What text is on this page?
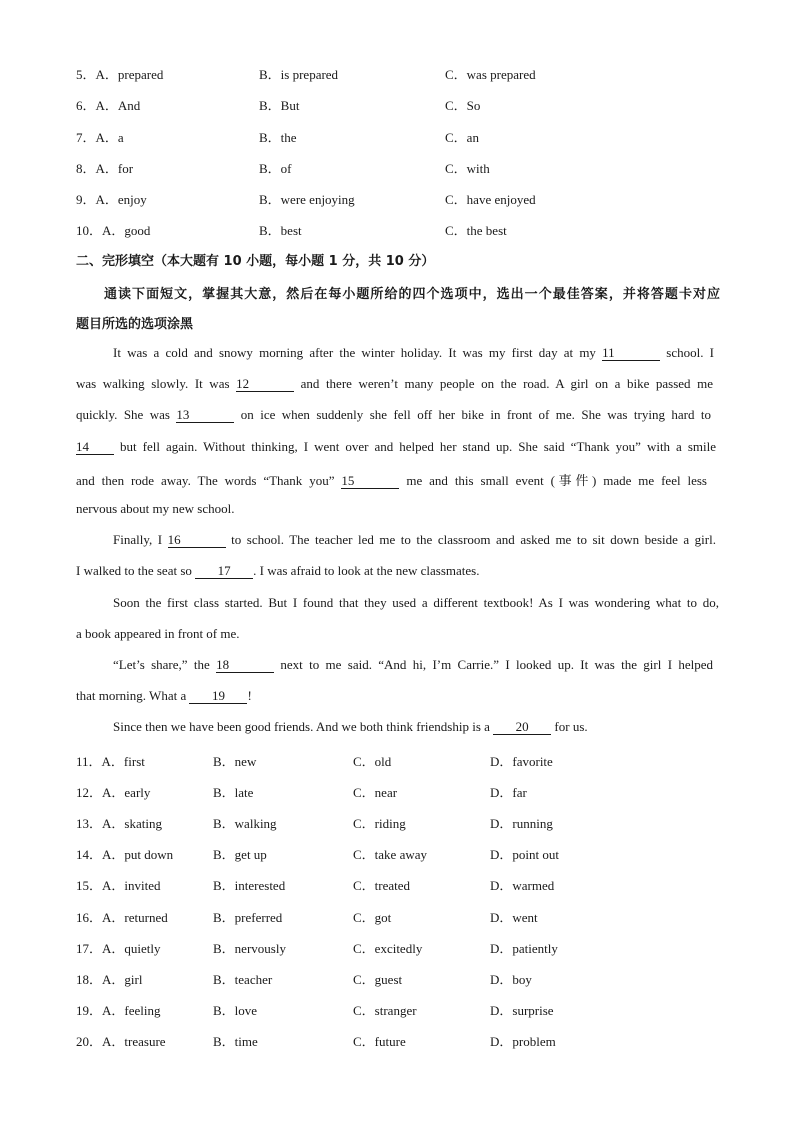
5．A．prepared	B．is prepared	C．was prepared
6．A．And	B．But	C．So
7．A．a	B．the	C．an
8．A．for	B．of	C．with
9．A．enjoy	B．were enjoying	C．have enjoyed
10．A．good	B．best	C．the best
二、完形填空（本大题有 10 小题，每小题 1 分，共 10 分）
通读下面短文，掌握其大意，然后在每小题所给的四个选项中，选出一个最佳答案，并将答题卡对应
题目所选的选项涂黑
It was a cold and snowy morning after the winter holiday. It was my first day at my 11	school. I
was walking slowly. It was 12	and there weren’t many people on the road. A girl on a bike passed me
quickly. She was 13	on ice when suddenly she fell off her bike in front of me. She was trying hard to
14 but fell again. Without thinking, I went over and helped her stand up. She said “Thank you” with a smile
and then rode away. The words “Thank you” 15	me and this small event (事件) made me feel less
nervous about my new school.
Finally, I 16	to school. The teacher led me to the classroom and asked me to sit down beside a girl.
I walked to the seat so 17 . I was afraid to look at the new classmates.
Soon the first class started. But I found that they used a different textbook! As I was wondering what to do,
a book appeared in front of me.
“Let’s share,” the 18	next to me said. “And hi, I’m Carrie.” I looked up. It was the girl I helped
that morning. What a 19 !
Since then we have been good friends. And we both think friendship is a 20 for us.
11．A．first	B．new	C．old	D．favorite
12．A．early	B．late	C．near	D．far
13．A．skating	B．walking	C．riding	D．running
14．A．put down	B．get up	C．take away	D．point out
15．A．invited	B．interested	C．treated	D．warmed
16．A．returned	B．preferred	C．got	D．went
17．A．quietly	B．nervously	C．excitedly	D．patiently
18．A．girl	B．teacher	C．guest	D．boy
19．A．feeling	B．love	C．stranger	D．surprise
20．A．treasure	B．time	C．future	D．problem
